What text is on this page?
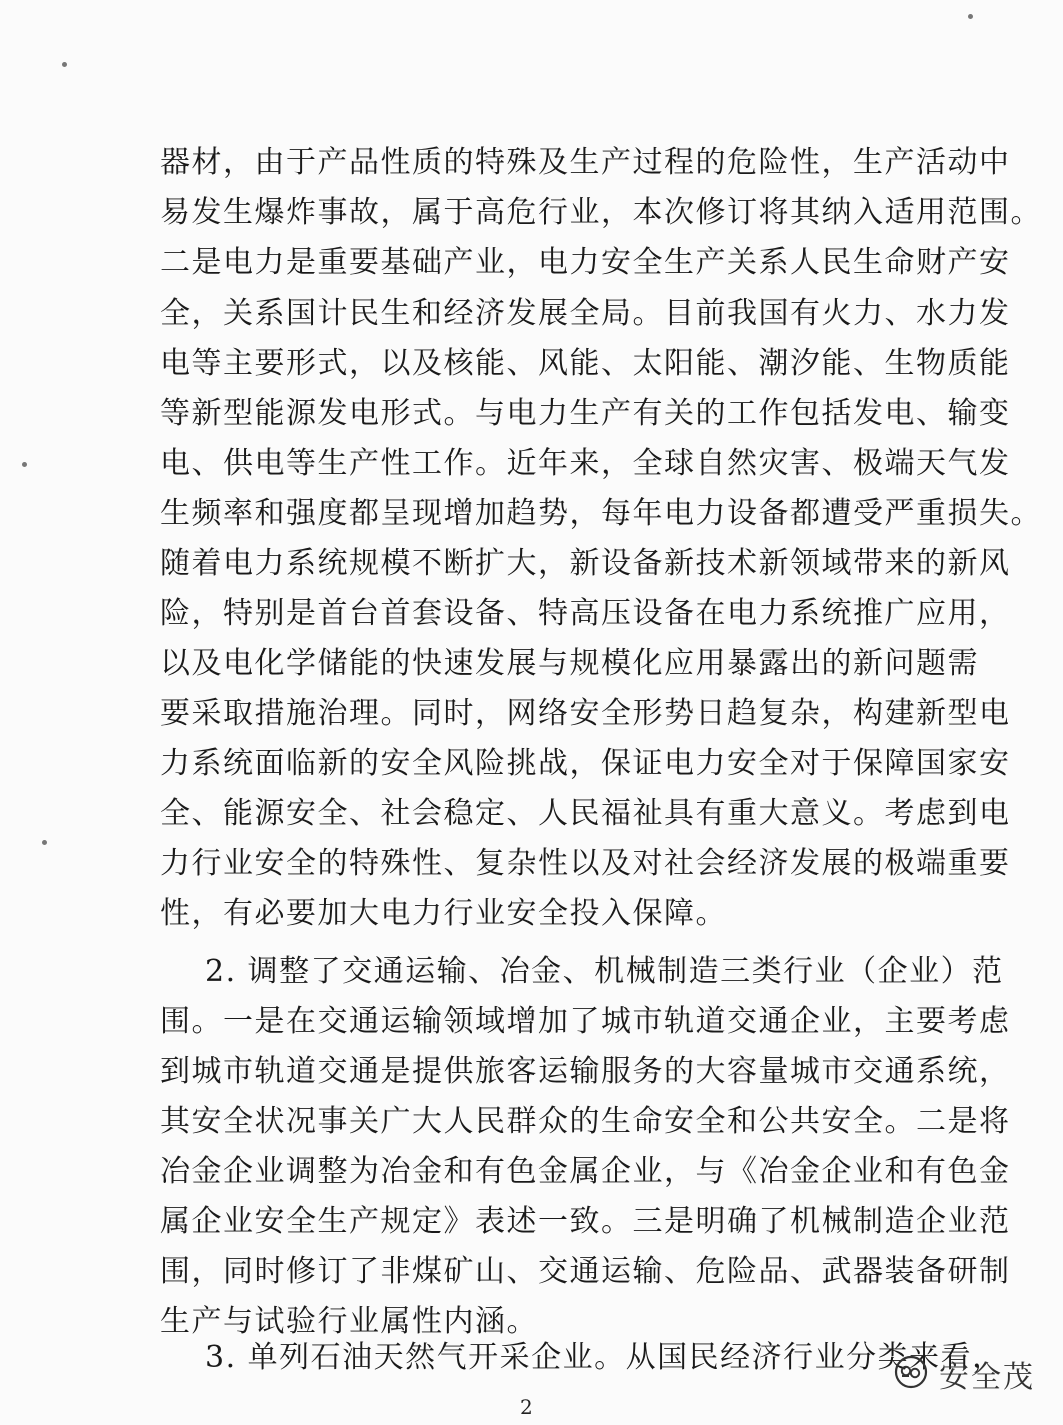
器材，由于产品性质的特殊及生产过程的危险性，生产活动中
易发生爆炸事故，属于高危行业，本次修订将其纳入适用范围。
二是电力是重要基础产业，电力安全生产关系人民生命财产安
全，关系国计民生和经济发展全局。目前我国有火力、水力发
电等主要形式，以及核能、风能、太阳能、潮汐能、生物质能
等新型能源发电形式。与电力生产有关的工作包括发电、输变
电、供电等生产性工作。近年来，全球自然灾害、极端天气发
生频率和强度都呈现增加趋势，每年电力设备都遭受严重损失。
随着电力系统规模不断扩大，新设备新技术新领域带来的新风
险，特别是首台首套设备、特高压设备在电力系统推广应用，
以及电化学储能的快速发展与规模化应用暴露出的新问题需
要采取措施治理。同时，网络安全形势日趋复杂，构建新型电
力系统面临新的安全风险挑战，保证电力安全对于保障国家安
全、能源安全、社会稳定、人民福祉具有重大意义。考虑到电
力行业安全的特殊性、复杂性以及对社会经济发展的极端重要
性，有必要加大电力行业安全投入保障。
2. 调整了交通运输、冶金、机械制造三类行业（企业）范
围。一是在交通运输领域增加了城市轨道交通企业，主要考虑
到城市轨道交通是提供旅客运输服务的大容量城市交通系统，
其安全状况事关广大人民群众的生命安全和公共安全。二是将
冶金企业调整为冶金和有色金属企业，与《冶金企业和有色金
属企业安全生产规定》表述一致。三是明确了机械制造企业范
围，同时修订了非煤矿山、交通运输、危险品、武器装备研制
生产与试验行业属性内涵。
3. 单列石油天然气开采企业。从国民经济行业分类来看，
2
安全茂
